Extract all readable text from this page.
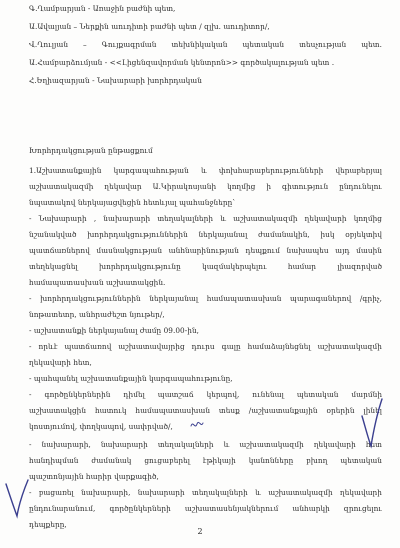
Գ.Ղամբարյան - Առաջին բաժնի պետ,
Ա.Ավալյան – Ներքին աուդիտի բաժնի պետ / զլխ. աուդիտոր/,
Վ.Ղուլյան – Գույքագրման տեխնիկական պետական տեսչության պետ.
Ա.Համբարձումյան - <<Լիցենզավորման կենտրոն>> գործակալության պետ ․
Հ.Եղիազարյան - Նախարարի խորհրդական
Խորհրդակցության ընթացքում
1.Աշխատանքային կարգապահության և փոխհարաբերությունների վերաբերյալ
աշխատակազմի ղեկավար Ա.Կիրակոսյանի կողմից ի գիտություն ընդունելու
նպատակով ներկայացվեցին հետևյալ պահանջները`
- Նախարարի , նախարարի տեղակալների և աշխատակազմի ղեկավարի կողմից
նշանակված խորհրդակցություններին ներկայանալ ժամանակին, իսկ օբյեկտիվ
պատճառներով մասնակցության անհնարինության դեպքում նախապես այդ մասին
տեղեկացնել խորհրդակցությունը կազմակերպելու համար լիազորված
համապատասխան աշխատակցին.
- խորհրդակցություններին ներկայանալ համապատասխան պարագաներով /գրիչ,
նոթատետր, անհրաժեշտ նյութեր/,
- աշխատանքի ներկայանալ ժամը 09.00-ին,
- որևէ պատճառով աշխատավայրից դուրս գալը համաձայնեցնել աշխատակազմի
ղեկավարի հետ,
- պահպանել աշխատանքային կարգապահությունը,
- գործընկերներին դիմել պատշաճ կերպով, ունենալ պետական մարմնի
աշխատակցին հատուկ համապատասխան տեսք /աշխատանքային օրերին լինել
կոստյումով, փողկապով, սափրված/,
- նախարարի, նախարարի տեղակալների և աշխատակազմի ղեկավարի հետ
հանդիպման ժամանակ ցուցաբերել էթիկայի կանոնները բխող պետական
պաշտոնյային հարիր վարքագիծ,
- բացառել նախարարի, նախարարի տեղակալների և աշխատակազմի ղեկավարի
ընդունարանում, գործընկերների աշխատասենյակներում անհարկի զրուցելու
դեպքերը,
2
